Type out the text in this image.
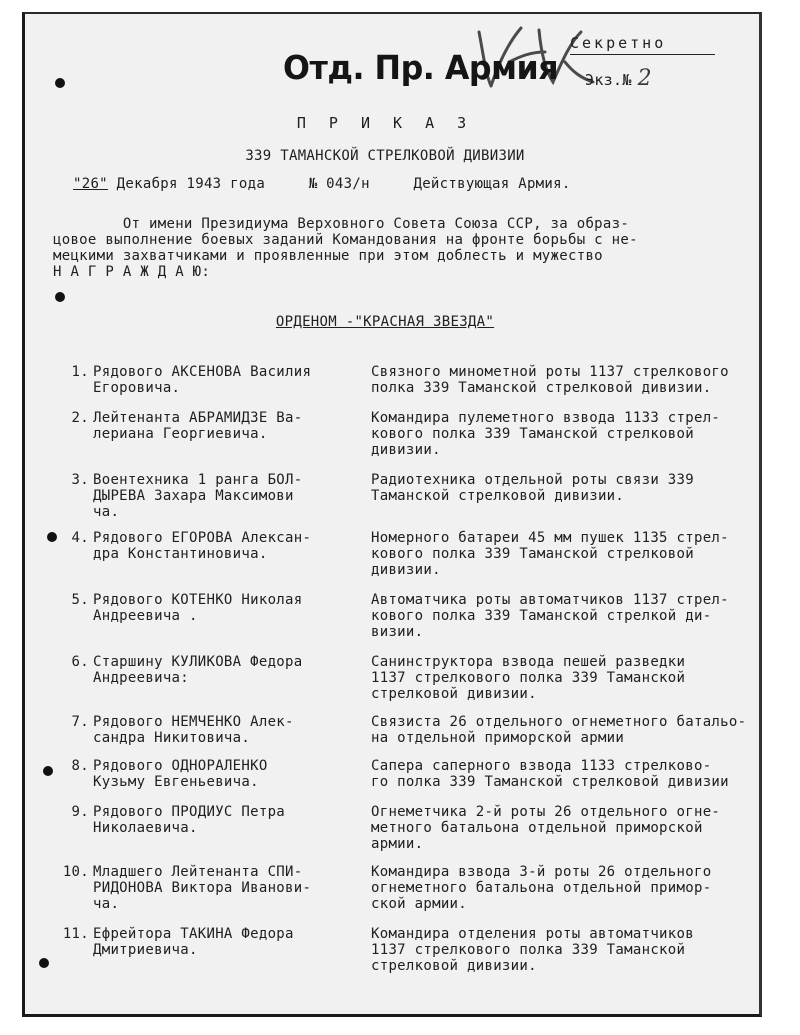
Отд. Пр. Армия
Секретно
Экз.№ 2
П Р И К А З
339 ТАМАНСКОЙ СТРЕЛКОВОЙ ДИВИЗИИ
"26" Декабря 1943 года	№ 043/н	Действующая Армия.

От имени Президиума Верховного Совета Союза ССР, за образ-

цовое выполнение боевых заданий Командования на фронте борьбы с не-

мецкими захватчиками и проявленные при этом доблесть и мужество

Н А Г Р А Ж Д А Ю:

ОРДЕНОМ -"КРАСНАЯ ЗВЕЗДА"
1. Рядового АКСЕНОВА Василия
Егоровича.
Связного минометной роты 1137 стрелкового
полка 339 Таманской стрелковой дивизии.
2. Лейтенанта АБРАМИДЗЕ Ва-
лериана Георгиевича.
Командира пулеметного взвода 1133 стрел-
кового полка 339 Таманской стрелковой
дивизии.
3. Воентехника 1 ранга БОЛ-
ДЫРЕВА Захара Максимови
ча.
Радиотехника отдельной роты связи 339
Таманской стрелковой дивизии.
4. Рядового ЕГОРОВА Алексан-
дра Константиновича.
Номерного батареи 45 мм пушек 1135 стрел-
кового полка 339 Таманской стрелковой
дивизии.
5. Рядового КОТЕНКО Николая
Андреевича .
Автоматчика роты автоматчиков 1137 стрел-
кового полка 339 Таманской стрелкой ди-
визии.
6. Старшину КУЛИКОВА Федора
Андреевича:
Санинструктора взвода пешей разведки
1137 стрелкового полка 339 Таманской
стрелковой дивизии.
7. Рядового НЕМЧЕНКО Алек-
сандра Никитовича.
Связиста 26 отдельного огнеметного батальо-
на отдельной приморской армии
8. Рядового ОДНОРАЛЕНКО
Кузьму Евгеньевича.
Сапера саперного взвода 1133 стрелково-
го полка 339 Таманской стрелковой дивизии
9. Рядового ПРОДИУС Петра
Николаевича.
Огнеметчика 2-й роты 26 отдельного огне-
метного батальона отдельной приморской
армии.
10. Младшего Лейтенанта СПИ-
РИДОНОВА Виктора Иванови-
ча.
Командира взвода 3-й роты 26 отдельного
огнеметного батальона отдельной примор-
ской армии.
11. Ефрейтора ТАКИНА Федора
Дмитриевича.
Командира отделения роты автоматчиков
1137 стрелкового полка 339 Таманской
стрелковой дивизии.
